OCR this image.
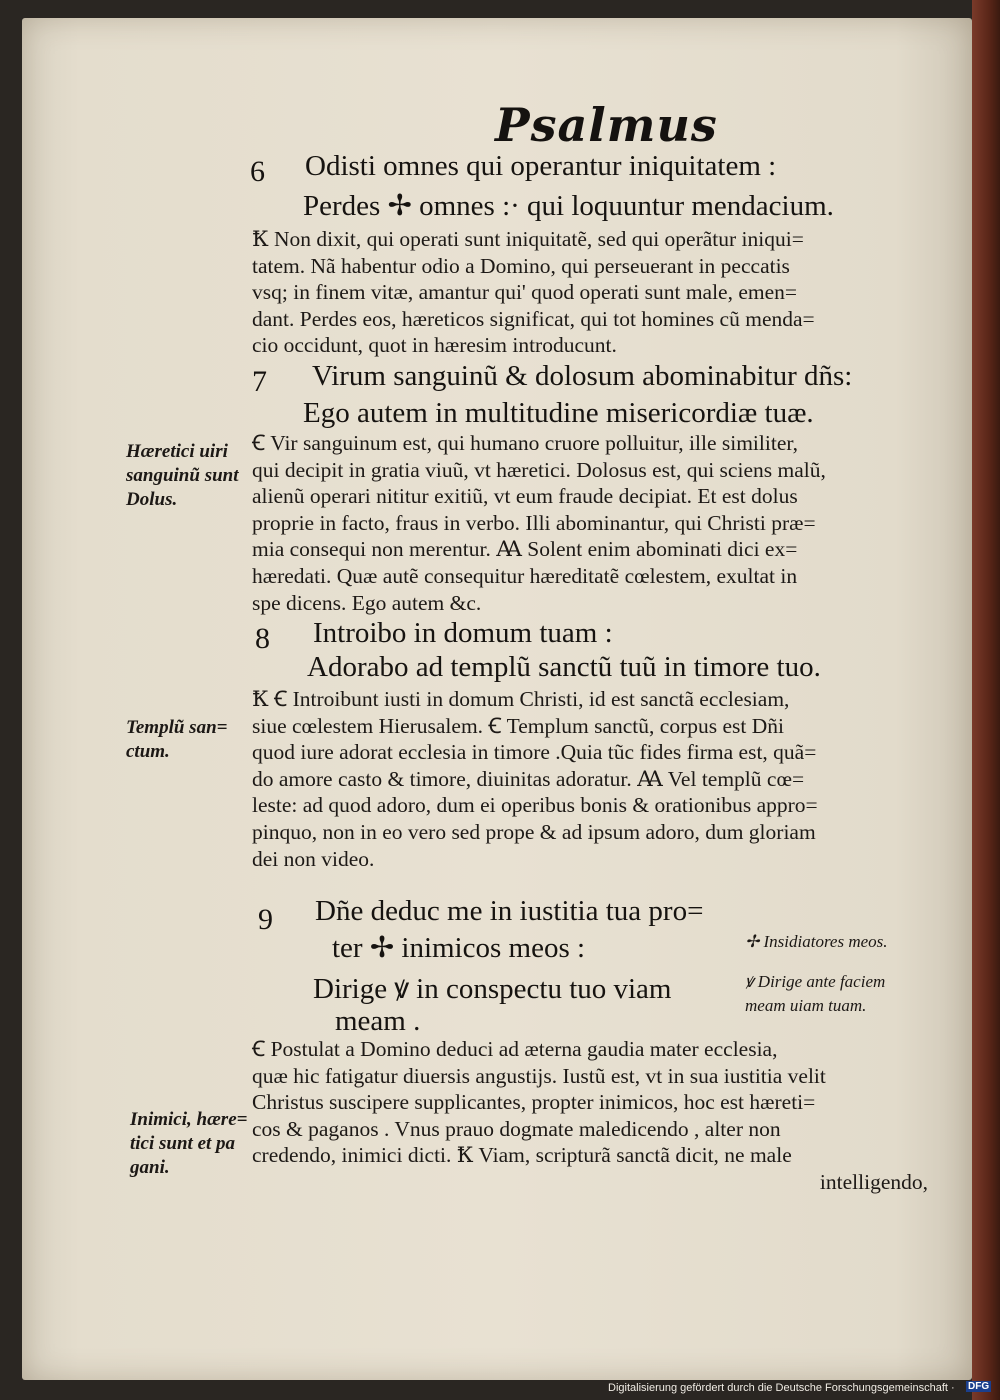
Psalmus
6 Odisti omnes qui operantur iniquitatem :
Perdes ✢ omnes :· qui loquuntur mendacium.
Ꝁ Non dixit, qui operati sunt iniquitatẽ, sed qui operãtur iniqui=
tatem. Nã habentur odio a Domino, qui perseuerant in peccatis
vsq; in finem vitæ, amantur qui' quod operati sunt male, emen=
dant. Perdes eos, hæreticos significat, qui tot homines cũ menda=
cio occidunt, quot in hæresim introducunt.
7 Virum sanguinũ & dolosum abominabitur dñs:
Ego autem in multitudine misericordiæ tuæ.
Hæretici uiri
sanguinũ sunt
Dolus.
Ꞓ Vir sanguinum est, qui humano cruore polluitur, ille similiter,
qui decipit in gratia viuũ, vt hæretici. Dolosus est, qui sciens malũ,
alienũ operari nititur exitiũ, vt eum fraude decipiat. Et est dolus
proprie in facto, fraus in verbo. Illi abominantur, qui Christi præ=
mia consequi non merentur. Ꜳ Solent enim abominati dici ex=
hæredati. Quæ autẽ consequitur hæreditatẽ cœlestem, exultat in
spe dicens. Ego autem &c.
8 Introibo in domum tuam :
Adorabo ad templũ sanctũ tuũ in timore tuo.
Templũ san=
ctum.
Ꝁ Ꞓ Introibunt iusti in domum Christi, id est sanctã ecclesiam,
siue cœlestem Hierusalem. Ꞓ Templum sanctũ, corpus est Dñi
quod iure adorat ecclesia in timore .Quia tũc fides firma est, quã=
do amore casto & timore, diuinitas adoratur. Ꜳ Vel templũ cœ=
leste: ad quod adoro, dum ei operibus bonis & orationibus appro=
pinquo, non in eo vero sed prope & ad ipsum adoro, dum gloriam
dei non video.
9 Dñe deduc me in iustitia tua pro=
ter ✢ inimicos meos :
Dirige ꝟ in conspectu tuo viam
meam .
✢ Insidiatores meos.
ꝟ Dirige ante faciem
meam uiam tuam.
Inimici, hære=
tici sunt et pa
gani.
Ꞓ Postulat a Domino deduci ad æterna gaudia mater ecclesia,
quæ hic fatigatur diuersis angustijs. Iustũ est, vt in sua iustitia velit
Christus suscipere supplicantes, propter inimicos, hoc est hæreti=
cos & paganos . Vnus prauo dogmate maledicendo , alter non
credendo, inimici dicti. Ꝁ Viam, scripturã sanctã dicit, ne male
intelligendo,
Digitalisierung gefördert durch die Deutsche Forschungsgemeinschaft · DFG
